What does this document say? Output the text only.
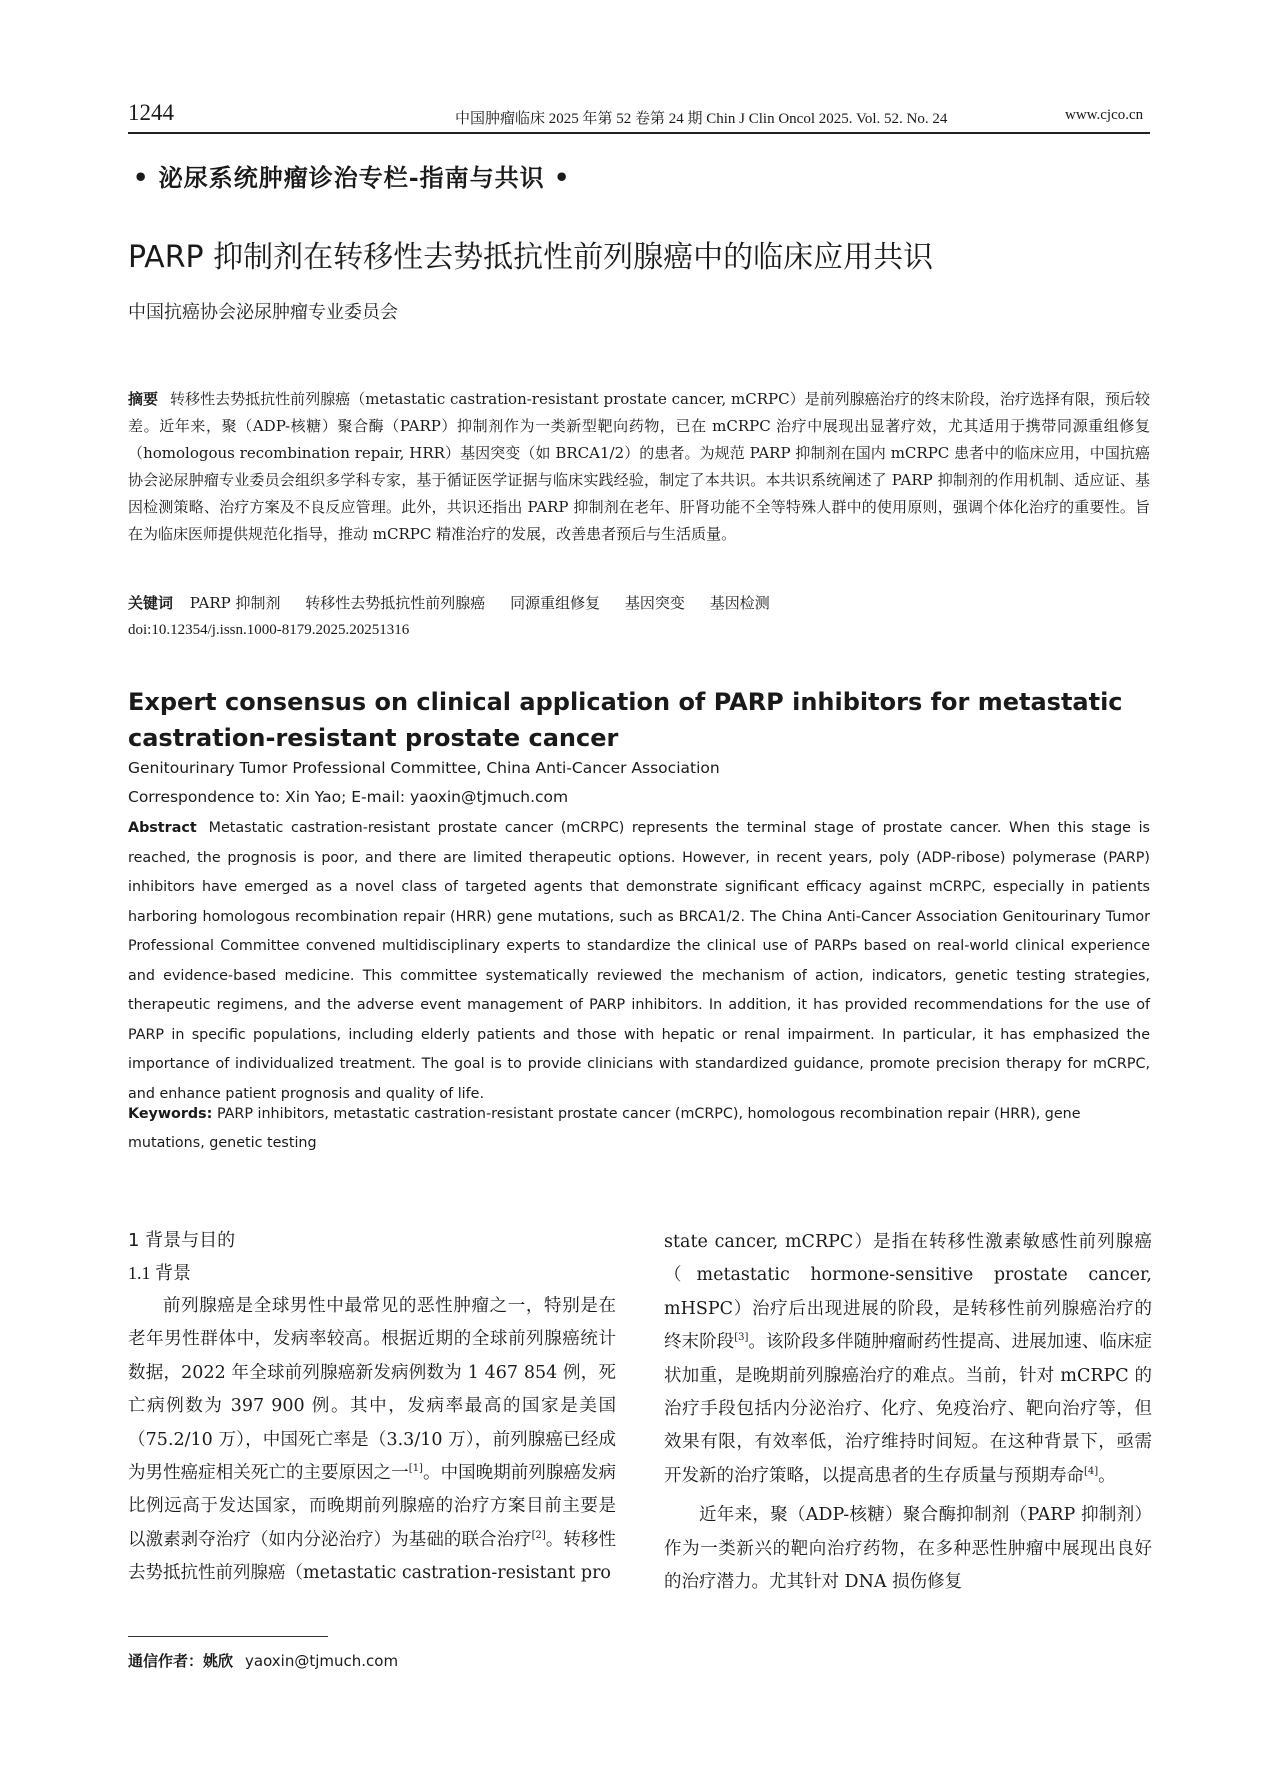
1244	中国肿瘤临床 2025 年第 52 卷第 24 期 Chin J Clin Oncol 2025. Vol. 52. No. 24	www.cjco.cn
• 泌尿系统肿瘤诊治专栏-指南与共识 •
PARP 抑制剂在转移性去势抵抗性前列腺癌中的临床应用共识
中国抗癌协会泌尿肿瘤专业委员会
摘要 转移性去势抵抗性前列腺癌（metastatic castration-resistant prostate cancer, mCRPC）是前列腺癌治疗的终末阶段，治疗选择有限，预后较差。近年来，聚（ADP-核糖）聚合酶（PARP）抑制剂作为一类新型靶向药物，已在 mCRPC 治疗中展现出显著疗效，尤其适用于携带同源重组修复（homologous recombination repair, HRR）基因突变（如 BRCA1/2）的患者。为规范 PARP 抑制剂在国内 mCRPC 患者中的临床应用，中国抗癌协会泌尿肿瘤专业委员会组织多学科专家，基于循证医学证据与临床实践经验，制定了本共识。本共识系统阐述了 PARP 抑制剂的作用机制、适应证、基因检测策略、治疗方案及不良反应管理。此外，共识还指出 PARP 抑制剂在老年、肝肾功能不全等特殊人群中的使用原则，强调个体化治疗的重要性。旨在为临床医师提供规范化指导，推动 mCRPC 精准治疗的发展，改善患者预后与生活质量。
关键词 PARP 抑制剂 转移性去势抵抗性前列腺癌 同源重组修复 基因突变 基因检测
doi:10.12354/j.issn.1000-8179.2025.20251316
Expert consensus on clinical application of PARP inhibitors for metastatic castration-resistant prostate cancer
Genitourinary Tumor Professional Committee, China Anti-Cancer Association
Correspondence to: Xin Yao; E-mail: yaoxin@tjmuch.com
Abstract Metastatic castration-resistant prostate cancer (mCRPC) represents the terminal stage of prostate cancer. When this stage is reached, the prognosis is poor, and there are limited therapeutic options. However, in recent years, poly (ADP-ribose) polymerase (PARP) inhibitors have emerged as a novel class of targeted agents that demonstrate significant efficacy against mCRPC, especially in patients harboring homologous recombination repair (HRR) gene mutations, such as BRCA1/2. The China Anti-Cancer Association Genitourinary Tumor Professional Committee convened multidisciplinary experts to standardize the clinical use of PARPs based on real-world clinical experience and evidence-based medicine. This committee systematically reviewed the mechanism of action, indicators, genetic testing strategies, therapeutic regimens, and the adverse event management of PARP inhibitors. In addition, it has provided recommendations for the use of PARP in specific populations, including elderly patients and those with hepatic or renal impairment. In particular, it has emphasized the importance of individualized treatment. The goal is to provide clinicians with standardized guidance, promote precision therapy for mCRPC, and enhance patient prognosis and quality of life.
Keywords: PARP inhibitors, metastatic castration-resistant prostate cancer (mCRPC), homologous recombination repair (HRR), gene mutations, genetic testing
1 背景与目的
1.1 背景

前列腺癌是全球男性中最常见的恶性肿瘤之一，特别是在老年男性群体中，发病率较高。根据近期的全球前列腺癌统计数据，2022 年全球前列腺癌新发病例数为 1 467 854 例，死亡病例数为 397 900 例。其中，发病率最高的国家是美国（75.2/10 万），中国死亡率是（3.3/10 万），前列腺癌已经成为男性癌症相关死亡的主要原因之一[1]。中国晚期前列腺癌发病比例远高于发达国家，而晚期前列腺癌的治疗方案目前主要是以激素剥夺治疗（如内分泌治疗）为基础的联合治疗[2]。转移性去势抵抗性前列腺癌（metastatic castration-resistant pro

state cancer, mCRPC）是指在转移性激素敏感性前列腺癌（metastatic hormone-sensitive prostate cancer, mHSPC）治疗后出现进展的阶段，是转移性前列腺癌治疗的终末阶段[3]。该阶段多伴随肿瘤耐药性提高、进展加速、临床症状加重，是晚期前列腺癌治疗的难点。当前，针对 mCRPC 的治疗手段包括内分泌治疗、化疗、免疫治疗、靶向治疗等，但效果有限，有效率低，治疗维持时间短。在这种背景下，亟需开发新的治疗策略，以提高患者的生存质量与预期寿命[4]。

近年来，聚（ADP-核糖）聚合酶抑制剂（PARP 抑制剂）作为一类新兴的靶向治疗药物，在多种恶性肿瘤中展现出良好的治疗潜力。尤其针对 DNA 损伤修复

通信作者：姚欣 yaoxin@tjmuch.com
